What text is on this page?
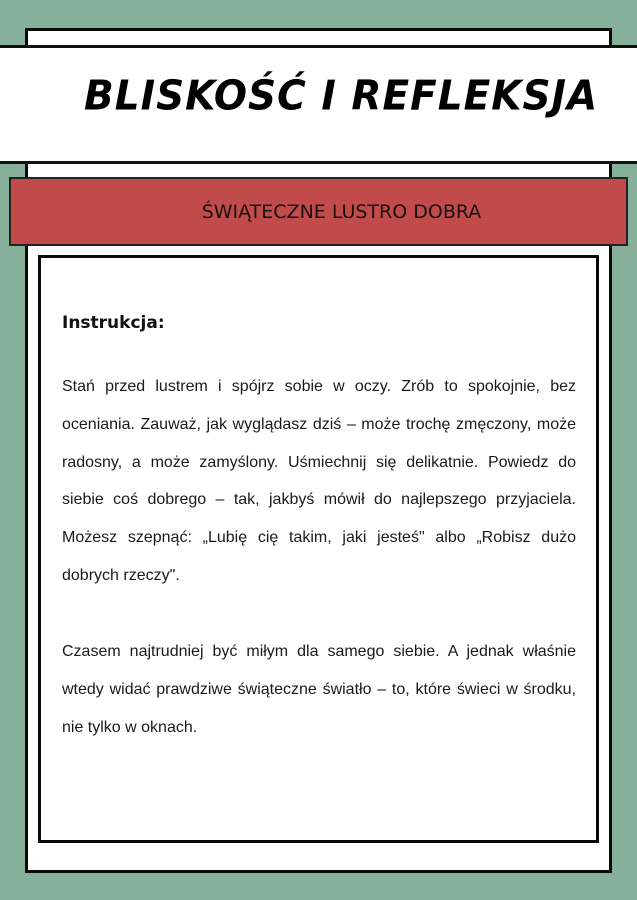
BLISKOŚĆ I REFLEKSJA
ŚWIĄTECZNE LUSTRO DOBRA
Instrukcja:
Stań przed lustrem i spójrz sobie w oczy. Zrób to spokojnie, bez oceniania. Zauważ, jak wyglądasz dziś – może trochę zmęczony, może radosny, a może zamyślony. Uśmiechnij się delikatnie. Powiedz do siebie coś dobrego – tak, jakbyś mówił do najlepszego przyjaciela. Możesz szepnąć: „Lubię cię takim, jaki jesteś" albo „Robisz dużo dobrych rzeczy".
Czasem najtrudniej być miłym dla samego siebie. A jednak właśnie wtedy widać prawdziwe świąteczne światło – to, które świeci w środku, nie tylko w oknach.
